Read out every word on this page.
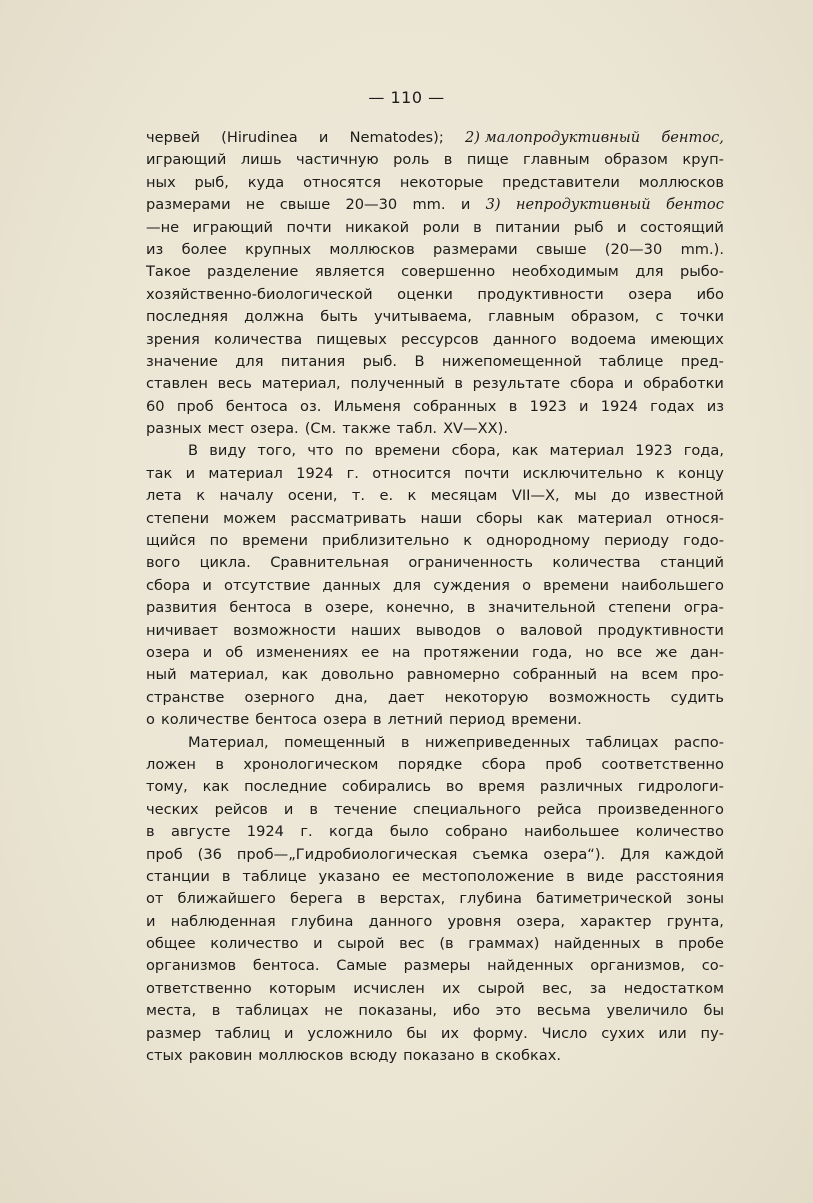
— 110 —
червей (Hirudinea и Nematodes); 2) малопродуктивный бентос,
играющий лишь частичную роль в пище главным образом круп-
ных рыб, куда относятся некоторые представители моллюсков
размерами не свыше 20—30 mm. и 3) непродуктивный бентос
—не играющий почти никакой роли в питании рыб и состоящий
из более крупных моллюсков размерами свыше (20—30 mm.).
Такое разделение является совершенно необходимым для рыбо-
хозяйственно-биологической оценки продуктивности озера ибо
последняя должна быть учитываема, главным образом, с точки
зрения количества пищевых рессурсов данного водоема имеющих
значение для питания рыб. В нижепомещенной таблице пред-
ставлен весь материал, полученный в результате сбора и обработки
60 проб бентоса оз. Ильменя собранных в 1923 и 1924 годах из
разных мест озера. (См. также табл. XV—XX).
В виду того, что по времени сбора, как материал 1923 года,
так и материал 1924 г. относится почти исключительно к концу
лета к началу осени, т. е. к месяцам VII—X, мы до известной
степени можем рассматривать наши сборы как материал относя-
щийся по времени приблизительно к однородному периоду годо-
вого цикла. Сравнительная ограниченность количества станций
сбора и отсутствие данных для суждения о времени наибольшего
развития бентоса в озере, конечно, в значительной степени огра-
ничивает возможности наших выводов о валовой продуктивности
озера и об изменениях ее на протяжении года, но все же дан-
ный материал, как довольно равномерно собранный на всем про-
странстве озерного дна, дает некоторую возможность судить
о количестве бентоса озера в летний период времени.
Материал, помещенный в нижеприведенных таблицах распо-
ложен в хронологическом порядке сбора проб соответственно
тому, как последние собирались во время различных гидрологи-
ческих рейсов и в течение специального рейса произведенного
в августе 1924 г. когда было собрано наибольшее количество
проб (36 проб—„Гидробиологическая съемка озера“). Для каждой
станции в таблице указано ее местоположение в виде расстояния
от ближайшего берега в верстах, глубина батиметрической зоны
и наблюденная глубина данного уровня озера, характер грунта,
общее количество и сырой вес (в граммах) найденных в пробе
организмов бентоса. Самые размеры найденных организмов, со-
ответственно которым исчислен их сырой вес, за недостатком
места, в таблицах не показаны, ибо это весьма увеличило бы
размер таблиц и усложнило бы их форму. Число сухих или пу-
стых раковин моллюсков всюду показано в скобках.
